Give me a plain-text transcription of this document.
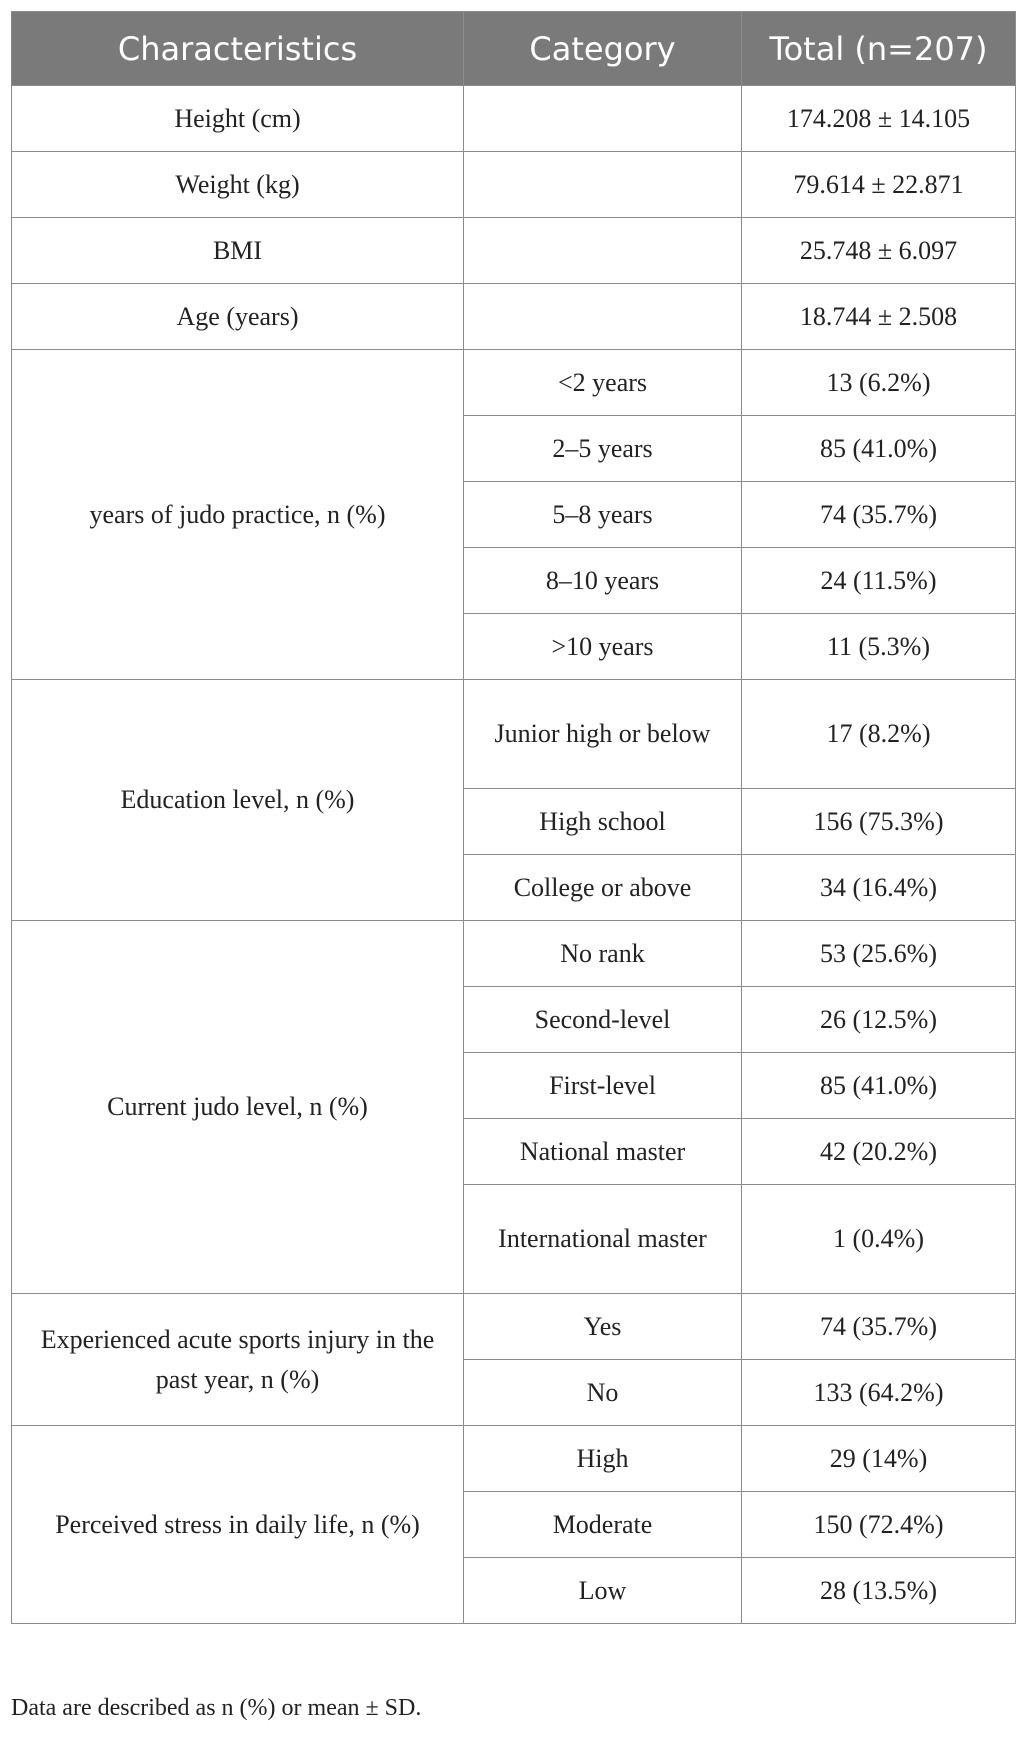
Characteristics	Category	Total (n=207)
Height (cm)		174.208 ± 14.105
Weight (kg)		79.614 ± 22.871
BMI		25.748 ± 6.097
Age (years)		18.744 ± 2.508
years of judo practice, n (%)	<2 years	13 (6.2%)
	2–5 years	85 (41.0%)
	5–8 years	74 (35.7%)
	8–10 years	24 (11.5%)
	>10 years	11 (5.3%)
Education level, n (%)	Junior high or below	17 (8.2%)
	High school	156 (75.3%)
	College or above	34 (16.4%)
Current judo level, n (%)	No rank	53 (25.6%)
	Second-level	26 (12.5%)
	First-level	85 (41.0%)
	National master	42 (20.2%)
	International master	1 (0.4%)
Experienced acute sports injury in the past year, n (%)	Yes	74 (35.7%)
	No	133 (64.2%)
Perceived stress in daily life, n (%)	High	29 (14%)
	Moderate	150 (72.4%)
	Low	28 (13.5%)
Data are described as n (%) or mean ± SD.
